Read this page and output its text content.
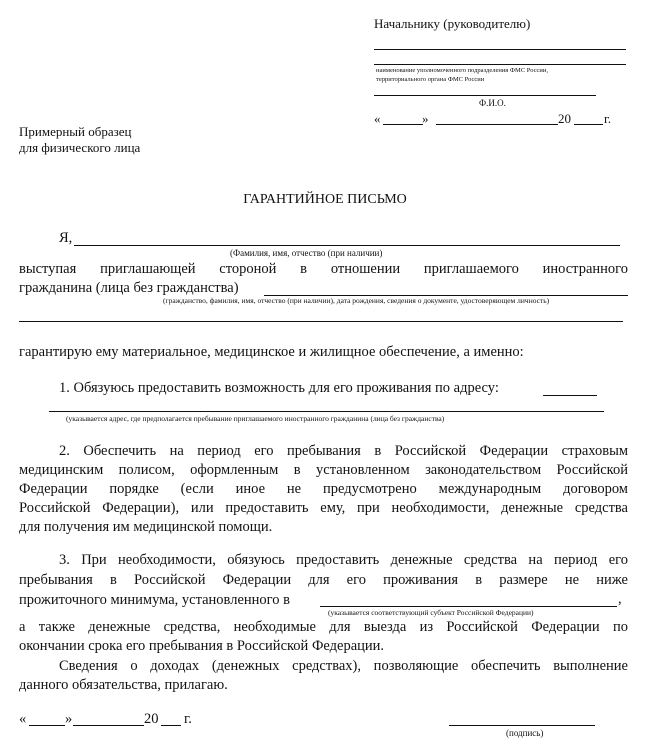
Начальнику (руководителю)
наименование уполномоченного подразделения ФМС России,
территориального органа ФМС России
Ф.И.О.
«	»	20	г.
Примерный образец
для физического лица
ГАРАНТИЙНОЕ ПИСЬМО
Я,
(Фамилия, имя, отчество (при наличии)
выступая приглашающей стороной в отношении приглашаемого иностранного
гражданина (лица без гражданства)
(гражданство, фамилия, имя, отчество (при наличии), дата рождения, сведения о документе, удостоверяющем личность)
гарантирую ему материальное, медицинское и жилищное обеспечение, а именно:
1. Обязуюсь предоставить возможность для его проживания по адресу:
(указывается адрес, где предполагается пребывание приглашаемого иностранного гражданина (лица без гражданства)
2. Обеспечить на период его пребывания в Российской Федерации страховым
медицинским полисом, оформленным в установленном законодательством Российской
Федерации порядке (если иное не предусмотрено международным договором
Российской Федерации), или предоставить ему, при необходимости, денежные средства
для получения им медицинской помощи.
3. При необходимости, обязуюсь предоставить денежные средства на период его
пребывания в Российской Федерации для его проживания в размере не ниже
прожиточного минимума, установленного в	,
(указывается соответствующий субъект Российской Федерации)
а также денежные средства, необходимые для выезда из Российской Федерации по
окончании срока его пребывания в Российской Федерации.
Сведения о доходах (денежных средствах), позволяющие обеспечить выполнение
данного обязательства, прилагаю.
«	»	20 г.
(подпись)
